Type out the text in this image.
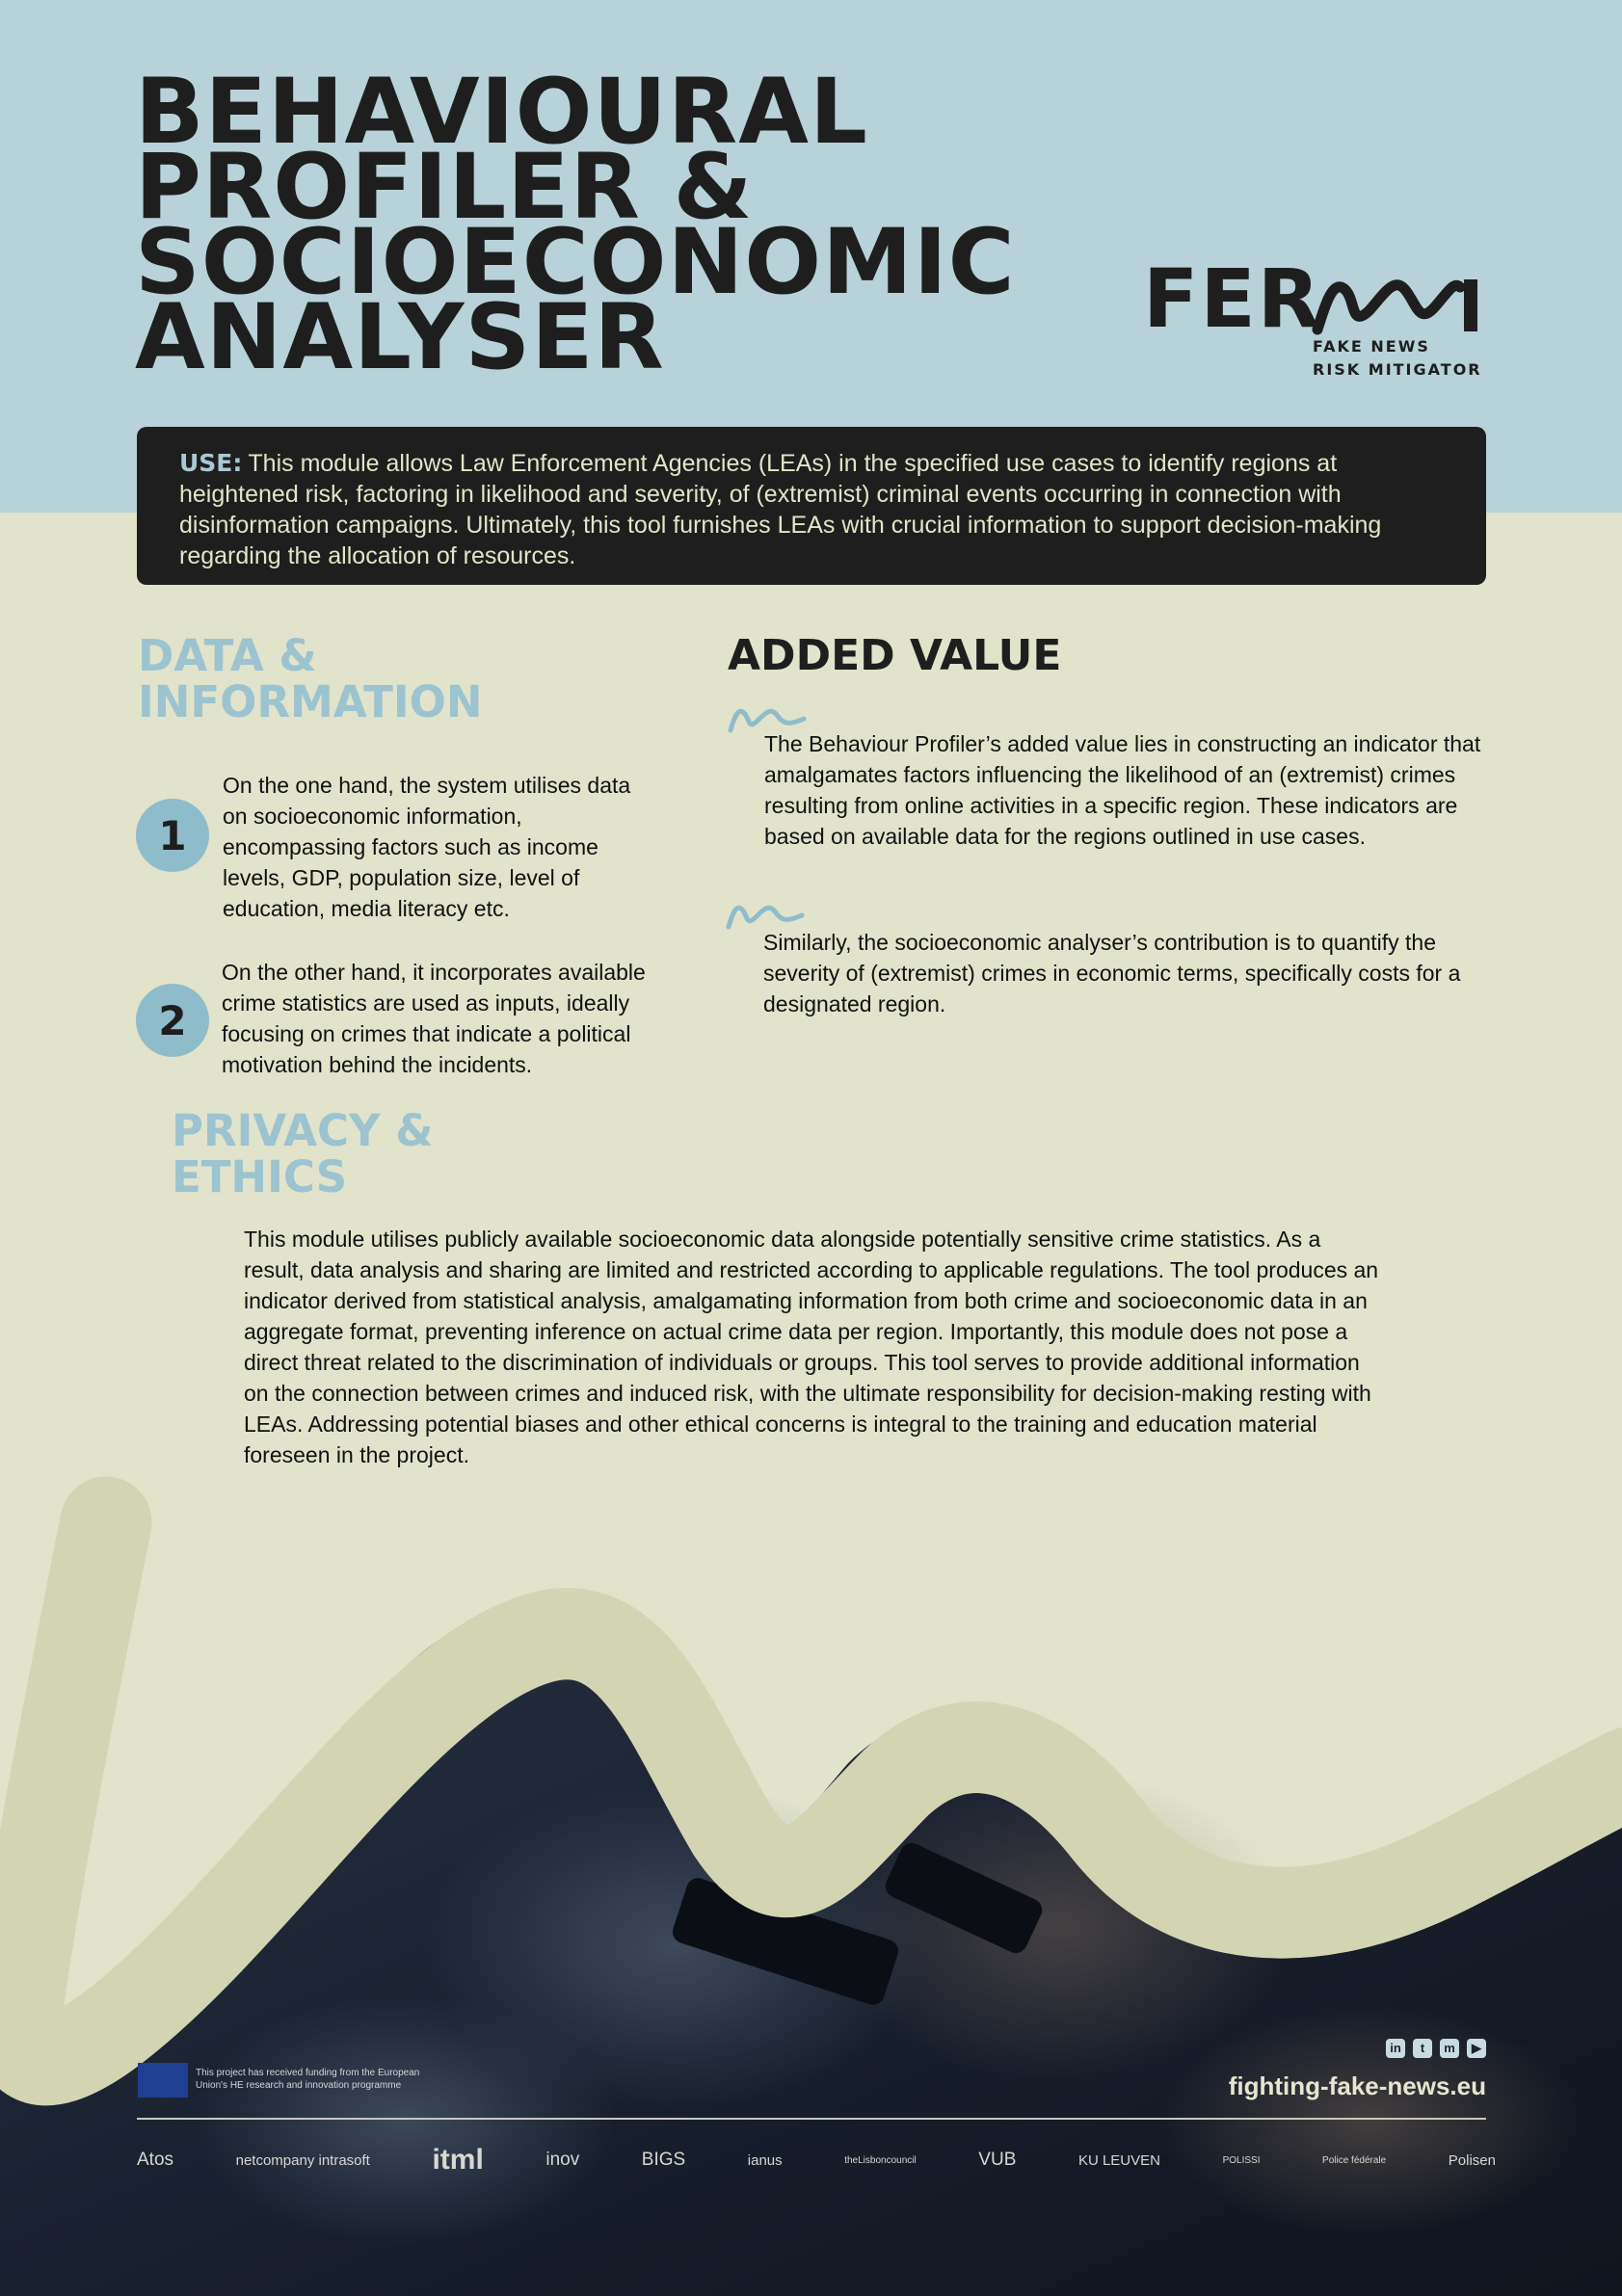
BEHAVIOURAL
PROFILER &
SOCIOECONOMIC
ANALYSER	FER
FAKE NEWS
RISK MITIGATOR

USE: This module allows Law Enforcement Agencies (LEAs) in the specified use cases to identify regions at heightened risk, factoring in likelihood and severity, of (extremist) criminal events occurring in connection with disinformation campaigns. Ultimately, this tool furnishes LEAs with crucial information to support decision-making regarding the allocation of resources.

DATA &
INFORMATION
1

On the one hand, the system utilises data on socioeconomic information, encompassing factors such as income levels, GDP, population size, level of education, media literacy etc.

2

On the other hand, it incorporates available crime statistics are used as inputs, ideally focusing on crimes that indicate a political motivation behind the incidents.

ADDED VALUE

The Behaviour Profiler’s added value lies in constructing an indicator that amalgamates factors influencing the likelihood of an (extremist) crimes resulting from online activities in a specific region. These indicators are based on available data for the regions outlined in use cases.

Similarly, the socioeconomic analyser’s contribution is to quantify the severity of (extremist) crimes in economic terms, specifically costs for a designated region.

PRIVACY &
ETHICS

This module utilises publicly available socioeconomic data alongside potentially sensitive crime statistics. As a result, data analysis and sharing are limited and restricted according to applicable regulations. The tool produces an indicator derived from statistical analysis, amalgamating information from both crime and socioeconomic data in an aggregate format, preventing inference on actual crime data per region. Importantly, this module does not pose a direct threat related to the discrimination of individuals or groups. This tool serves to provide additional information on the connection between crimes and induced risk, with the ultimate responsibility for decision-making resting with LEAs. Addressing potential biases and other ethical concerns is integral to the training and education material foreseen in the project.

This project has received funding from the European Union's HE research and innovation programme
in	t	m	▶
fighting-fake-news.eu
Atos	netcompany intrasoft itml	inov	BIGS	ianus	theLisboncouncil	VUB	KU LEUVEN	POLISSI	Police fédérale	Polisen
